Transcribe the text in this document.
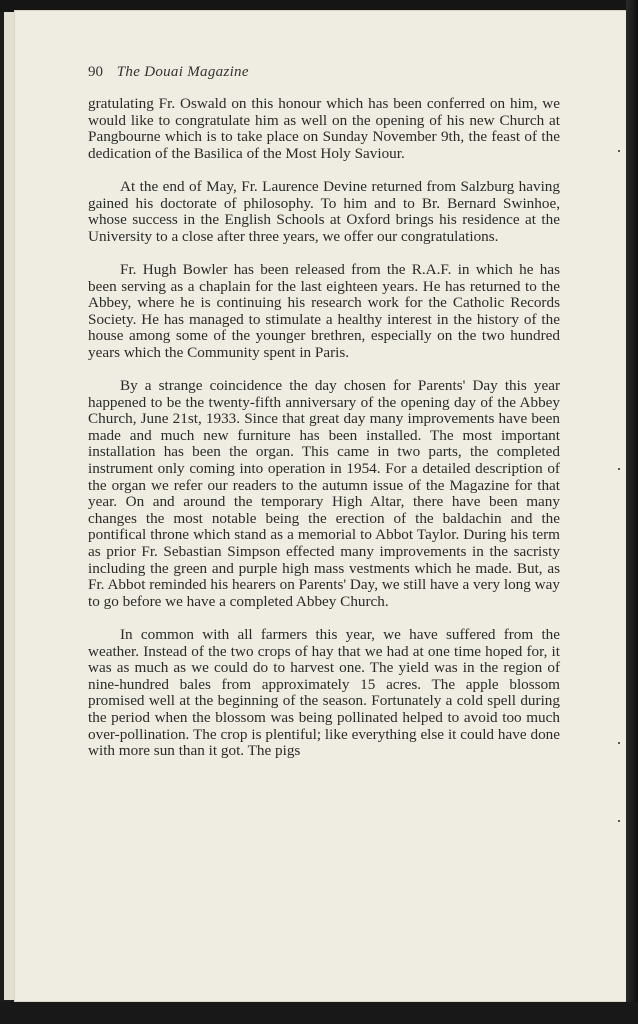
90 The Douai Magazine

gratulating Fr. Oswald on this honour which has been conferred on him, we would like to congratulate him as well on the opening of his new Church at Pangbourne which is to take place on Sunday November 9th, the feast of the dedication of the Basilica of the Most Holy Saviour.

At the end of May, Fr. Laurence Devine returned from Salzburg having gained his doctorate of philosophy. To him and to Br. Bernard Swinhoe, whose success in the English Schools at Oxford brings his residence at the University to a close after three years, we offer our congratulations.

Fr. Hugh Bowler has been released from the R.A.F. in which he has been serving as a chaplain for the last eighteen years. He has returned to the Abbey, where he is continuing his research work for the Catholic Records Society. He has managed to stimulate a healthy interest in the history of the house among some of the younger brethren, especially on the two hundred years which the Community spent in Paris.

By a strange coincidence the day chosen for Parents' Day this year happened to be the twenty-fifth anniversary of the opening day of the Abbey Church, June 21st, 1933. Since that great day many improvements have been made and much new furniture has been installed. The most important installation has been the organ. This came in two parts, the completed instrument only coming into operation in 1954. For a detailed description of the organ we refer our readers to the autumn issue of the Magazine for that year. On and around the temporary High Altar, there have been many changes the most notable being the erection of the baldachin and the pontifical throne which stand as a memorial to Abbot Taylor. During his term as prior Fr. Sebastian Simpson effected many improvements in the sacristy including the green and purple high mass vestments which he made. But, as Fr. Abbot reminded his hearers on Parents' Day, we still have a very long way to go before we have a completed Abbey Church.

In common with all farmers this year, we have suffered from the weather. Instead of the two crops of hay that we had at one time hoped for, it was as much as we could do to harvest one. The yield was in the region of nine-hundred bales from approximately 15 acres. The apple blossom promised well at the beginning of the season. Fortunately a cold spell during the period when the blossom was being pollinated helped to avoid too much over-pollination. The crop is plentiful; like everything else it could have done with more sun than it got. The pigs
